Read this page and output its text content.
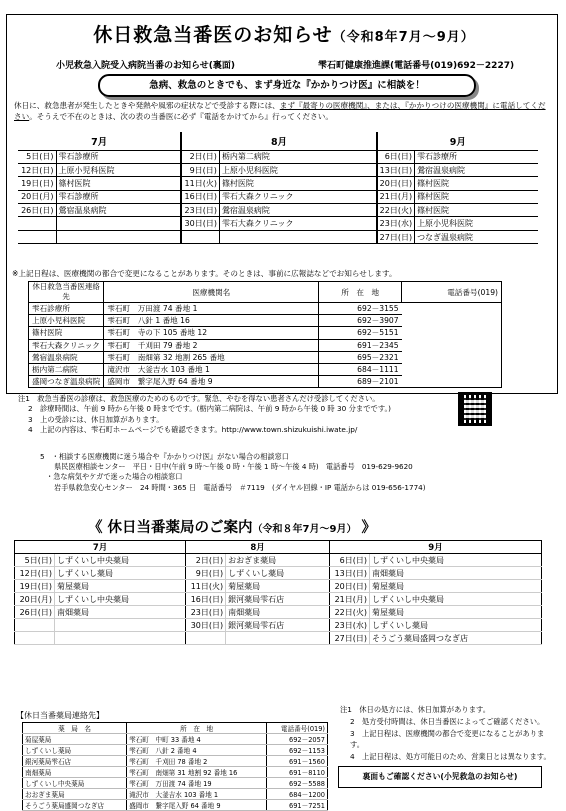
休日救急当番医のお知らせ（令和8年7月～9月）
小児救急入院受入病院当番のお知らせ(裏面)	雫石町健康推進課(電話番号(019)692－2227)
急病、救急のときでも、まず身近な『かかりつけ医』に相談を！
休日に、救急患者が発生したときや発熱や風邪の症状などで受診する際には、まず『最寄りの医療機関』、または、『かかりつけの医療機関』に電話してください。そうえで不在のときは、次の表の当番医に必ず『電話をかけてから』行ってください。
7月		8月		9月	
5日(日)	雫石診療所	2日(日)	栃内第二病院	6日(日)	雫石診療所
12日(日)	上原小児科医院	9日(日)	上原小児科医院	13日(日)	鶯宿温泉病院
19日(日)	篠村医院	11日(火)	篠村医院	20日(日)	篠村医院
20日(月)	雫石診療所	16日(日)	雫石大森クリニック	21日(月)	篠村医院
26日(日)	鶯宿温泉病院	23日(日)	鶯宿温泉病院	22日(火)	篠村医院
		30日(日)	雫石大森クリニック	23日(水)	上原小児科医院
				27日(日)	つなぎ温泉病院
※上記日程は、医療機関の都合で変更になることがあります。そのときは、事前に広報誌などでお知らせします。
休日救急当番医連絡先	医療機関名	所　在　地	電話番号(019)
雫石診療所	雫石町　万田渡 74 番地 1	692－3155	
上原小児科医院	雫石町　八針 1 番地 16	692－3907	
篠村医院	雫石町　寺の下 105 番地 12	692－5151	
雫石大森クリニック	雫石町　千刈田 79 番地 2	691－2345	
鶯宿温泉病院	雫石町　南畑第 32 地割 265 番地	695－2321	
栃内第二病院	滝沢市　大釜吉水 103 番地 1	684－1111	
盛岡つなぎ温泉病院	盛岡市　繋字尾入野 64 番地 9	689－2101	

注1　救急当番医の診療は、救急医療のためのものです。緊急、やむを得ない患者さんだけ受診してください。

2　診療時間は、午前 9 時から午後 0 時までです。(栃内第二病院は、午前 9 時から午後 0 時 30 分までです。)

3　上の受診には、休日加算があります。

4　上記の内容は、雫石町ホームページでも確認できます。http://www.town.shizukuishi.iwate.jp/

5　・相談する医療機関に迷う場合や『かかりつけ医』がない場合の相談窓口

県民医療相談センター　平日・日中(午前 9 時～午後 0 時・午後 1 時～午後 4 時)　電話番号　019-629-9620

・急な病気やケガで迷った場合の相談窓口

岩手県救急安心センター　24 時間・365 日　電話番号　＃7119　(ダイヤル回線・IP 電話からは 019-656-1774)

《 休日当番薬局のご案内（令和８年7月～9月） 》
7月		8月		9月	
5日(日)	しずくいし中央薬局	2日(日)	おおぎま薬局	6日(日)	しずくいし中央薬局
12日(日)	しずくいし薬局	9日(日)	しずくいし薬局	13日(日)	南畑薬局
19日(日)	菊屋薬局	11日(火)	菊屋薬局	20日(日)	菊屋薬局
20日(月)	しずくいし中央薬局	16日(日)	銀河薬局雫石店	21日(月)	しずくいし中央薬局
26日(日)	南畑薬局	23日(日)	南畑薬局	22日(火)	菊屋薬局
		30日(日)	銀河薬局雫石店	23日(水)	しずくいし薬局
				27日(日)	そうごう薬局盛岡つなぎ店
【休日当番薬局連絡先】
薬　局　名	所　在　地	電話番号(019)
菊屋薬局	雫石町　中町 33 番地 4	692－2057
しずくいし薬局	雫石町　八針 2 番地 4	692－1153
銀河薬局雫石店	雫石町　千刈田 78 番地 2	691－1560
南畑薬局	雫石町　南畑第 31 地割 92 番地 16	691－8110
しずくいし中央薬局	雫石町　万田渡 74 番地 19	692－5588
おおぎま薬局	滝沢市　大釜吉水 103 番地 1	684－1200
そうごう薬局盛岡つなぎ店	盛岡市　繋字尾入野 64 番地 9	691－7251

注1　休日の処方には、休日加算があります。

2　処方受付時間は、休日当番医によってご確認ください。

3　上記日程は、医療機関の都合で変更になることがあります。

4　上記日程は、処方可能日のため、営業日とは異なります。

裏面もご確認ください(小児救急のお知らせ)
